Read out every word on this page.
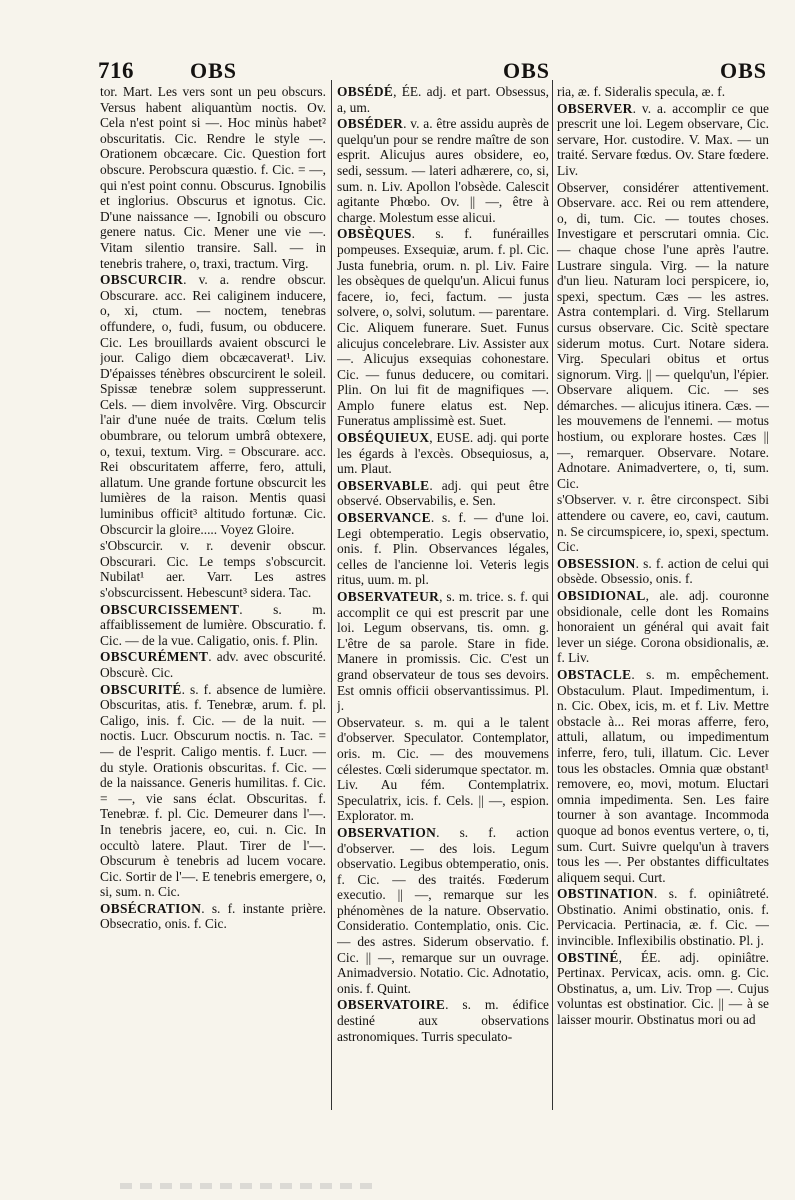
716	OBS	OBS	OBS

tor. Mart. Les vers sont un peu obscurs. Versus habent aliquantùm noctis. Ov. Cela n'est point si —. Hoc minùs habet² obscuritatis. Cic. Rendre le style —. Orationem obcæcare. Cic. Question fort obscure. Perobscura quæstio. f. Cic. = —, qui n'est point connu. Obscurus. Ignobilis et inglorius. Obscurus et ignotus. Cic. D'une naissance —. Ignobili ou obscuro genere natus. Cic. Mener une vie —. Vitam silentio transire. Sall. — in tenebris trahere, o, traxi, tractum. Virg.

OBSCURCIR. v. a. rendre obscur. Obscurare. acc. Rei caliginem inducere, o, xi, ctum. — noctem, tenebras offundere, o, fudi, fusum, ou obducere. Cic. Les brouillards avaient obscurci le jour. Caligo diem obcæcaverat¹. Liv. D'épaisses ténèbres obscurcirent le soleil. Spissæ tenebræ solem suppresserunt. Cels. — diem involvêre. Virg. Obscurcir l'air d'une nuée de traits. Cœlum telis obumbrare, ou telorum umbrâ obtexere, o, texui, textum. Virg. = Obscurare. acc. Rei obscuritatem afferre, fero, attuli, allatum. Une grande fortune obscurcit les lumières de la raison. Mentis quasi luminibus officit³ altitudo fortunæ. Cic. Obscurcir la gloire..... Voyez Gloire.

s'Obscurcir. v. r. devenir obscur. Obscurari. Cic. Le temps s'obscurcit. Nubilat¹ aer. Varr. Les astres s'obscurcissent. Hebescunt³ sidera. Tac.

OBSCURCISSEMENT. s. m. affaiblissement de lumière. Obscuratio. f. Cic. — de la vue. Caligatio, onis. f. Plin.

OBSCURÉMENT. adv. avec obscurité. Obscurè. Cic.

OBSCURITÉ. s. f. absence de lumière. Obscuritas, atis. f. Tenebræ, arum. f. pl. Caligo, inis. f. Cic. — de la nuit. — noctis. Lucr. Obscurum noctis. n. Tac. = — de l'esprit. Caligo mentis. f. Lucr. — du style. Orationis obscuritas. f. Cic. — de la naissance. Generis humilitas. f. Cic. = —, vie sans éclat. Obscuritas. f. Tenebræ. f. pl. Cic. Demeurer dans l'—. In tenebris jacere, eo, cui. n. Cic. In occultò latere. Plaut. Tirer de l'—. Obscurum è tenebris ad lucem vocare. Cic. Sortir de l'—. E tenebris emergere, o, si, sum. n. Cic.

OBSÉCRATION. s. f. instante prière. Obsecratio, onis. f. Cic.

OBSÉDÉ, ÉE. adj. et part. Obsessus, a, um.

OBSÉDER. v. a. être assidu auprès de quelqu'un pour se rendre maître de son esprit. Alicujus aures obsidere, eo, sedi, sessum. — lateri adhærere, co, si, sum. n. Liv. Apollon l'obsède. Calescit agitante Phœbo. Ov. || —, être à charge. Molestum esse alicui.

OBSÈQUES. s. f. funérailles pompeuses. Exsequiæ, arum. f. pl. Cic. Justa funebria, orum. n. pl. Liv. Faire les obsèques de quelqu'un. Alicui funus facere, io, feci, factum. — justa solvere, o, solvi, solutum. — parentare. Cic. Aliquem funerare. Suet. Funus alicujus concelebrare. Liv. Assister aux —. Alicujus exsequias cohonestare. Cic. — funus deducere, ou comitari. Plin. On lui fit de magnifiques —. Amplo funere elatus est. Nep. Funeratus amplissimè est. Suet.

OBSÉQUIEUX, EUSE. adj. qui porte les égards à l'excès. Obsequiosus, a, um. Plaut.

OBSERVABLE. adj. qui peut être observé. Observabilis, e. Sen.

OBSERVANCE. s. f. — d'une loi. Legi obtemperatio. Legis observatio, onis. f. Plin. Observances légales, celles de l'ancienne loi. Veteris legis ritus, uum. m. pl.

OBSERVATEUR, s. m. trice. s. f. qui accomplit ce qui est prescrit par une loi. Legum observans, tis. omn. g. L'être de sa parole. Stare in fide. Manere in promissis. Cic. C'est un grand observateur de tous ses devoirs. Est omnis officii observantissimus. Pl. j.

Observateur. s. m. qui a le talent d'observer. Speculator. Contemplator, oris. m. Cic. — des mouvemens célestes. Cœli siderumque spectator. m. Liv. Au fém. Contemplatrix. Speculatrix, icis. f. Cels. || —, espion. Explorator. m.

OBSERVATION. s. f. action d'observer. — des lois. Legum observatio. Legibus obtemperatio, onis. f. Cic. — des traités. Fœderum executio. || —, remarque sur les phénomènes de la nature. Observatio. Consideratio. Contemplatio, onis. Cic. — des astres. Siderum observatio. f. Cic. || —, remarque sur un ouvrage. Animadversio. Notatio. Cic. Adnotatio, onis. f. Quint.

OBSERVATOIRE. s. m. édifice destiné aux observations astronomiques. Turris speculato-

ria, æ. f. Sideralis specula, æ. f.

OBSERVER. v. a. accomplir ce que prescrit une loi. Legem observare, Cic. servare, Hor. custodire. V. Max. — un traité. Servare fœdus. Ov. Stare fœdere. Liv.

Observer, considérer attentivement. Observare. acc. Rei ou rem attendere, o, di, tum. Cic. — toutes choses. Investigare et perscrutari omnia. Cic. — chaque chose l'une après l'autre. Lustrare singula. Virg. — la nature d'un lieu. Naturam loci perspicere, io, spexi, spectum. Cæs — les astres. Astra contemplari. d. Virg. Stellarum cursus observare. Cic. Scitè spectare siderum motus. Curt. Notare sidera. Virg. Speculari obitus et ortus signorum. Virg. || — quelqu'un, l'épier. Observare aliquem. Cic. — ses démarches. — alicujus itinera. Cæs. — les mouvemens de l'ennemi. — motus hostium, ou explorare hostes. Cæs || —, remarquer. Observare. Notare. Adnotare. Animadvertere, o, ti, sum. Cic.

s'Observer. v. r. être circonspect. Sibi attendere ou cavere, eo, cavi, cautum. n. Se circumspicere, io, spexi, spectum. Cic.

OBSESSION. s. f. action de celui qui obsède. Obsessio, onis. f.

OBSIDIONAL, ale. adj. couronne obsidionale, celle dont les Romains honoraient un général qui avait fait lever un siége. Corona obsidionalis, æ. f. Liv.

OBSTACLE. s. m. empêchement. Obstaculum. Plaut. Impedimentum, i. n. Cic. Obex, icis, m. et f. Liv. Mettre obstacle à... Rei moras afferre, fero, attuli, allatum, ou impedimentum inferre, fero, tuli, illatum. Cic. Lever tous les obstacles. Omnia quæ obstant¹ removere, eo, movi, motum. Eluctari omnia impedimenta. Sen. Les faire tourner à son avantage. Incommoda quoque ad bonos eventus vertere, o, ti, sum. Curt. Suivre quelqu'un à travers tous les —. Per obstantes difficultates aliquem sequi. Curt.

OBSTINATION. s. f. opiniâtreté. Obstinatio. Animi obstinatio, onis. f. Pervicacia. Pertinacia, æ. f. Cic. — invincible. Inflexibilis obstinatio. Pl. j.

OBSTINÉ, ÉE. adj. opiniâtre. Pertinax. Pervicax, acis. omn. g. Cic. Obstinatus, a, um. Liv. Trop —. Cujus voluntas est obstinatior. Cic. || — à se laisser mourir. Obstinatus mori ou ad
